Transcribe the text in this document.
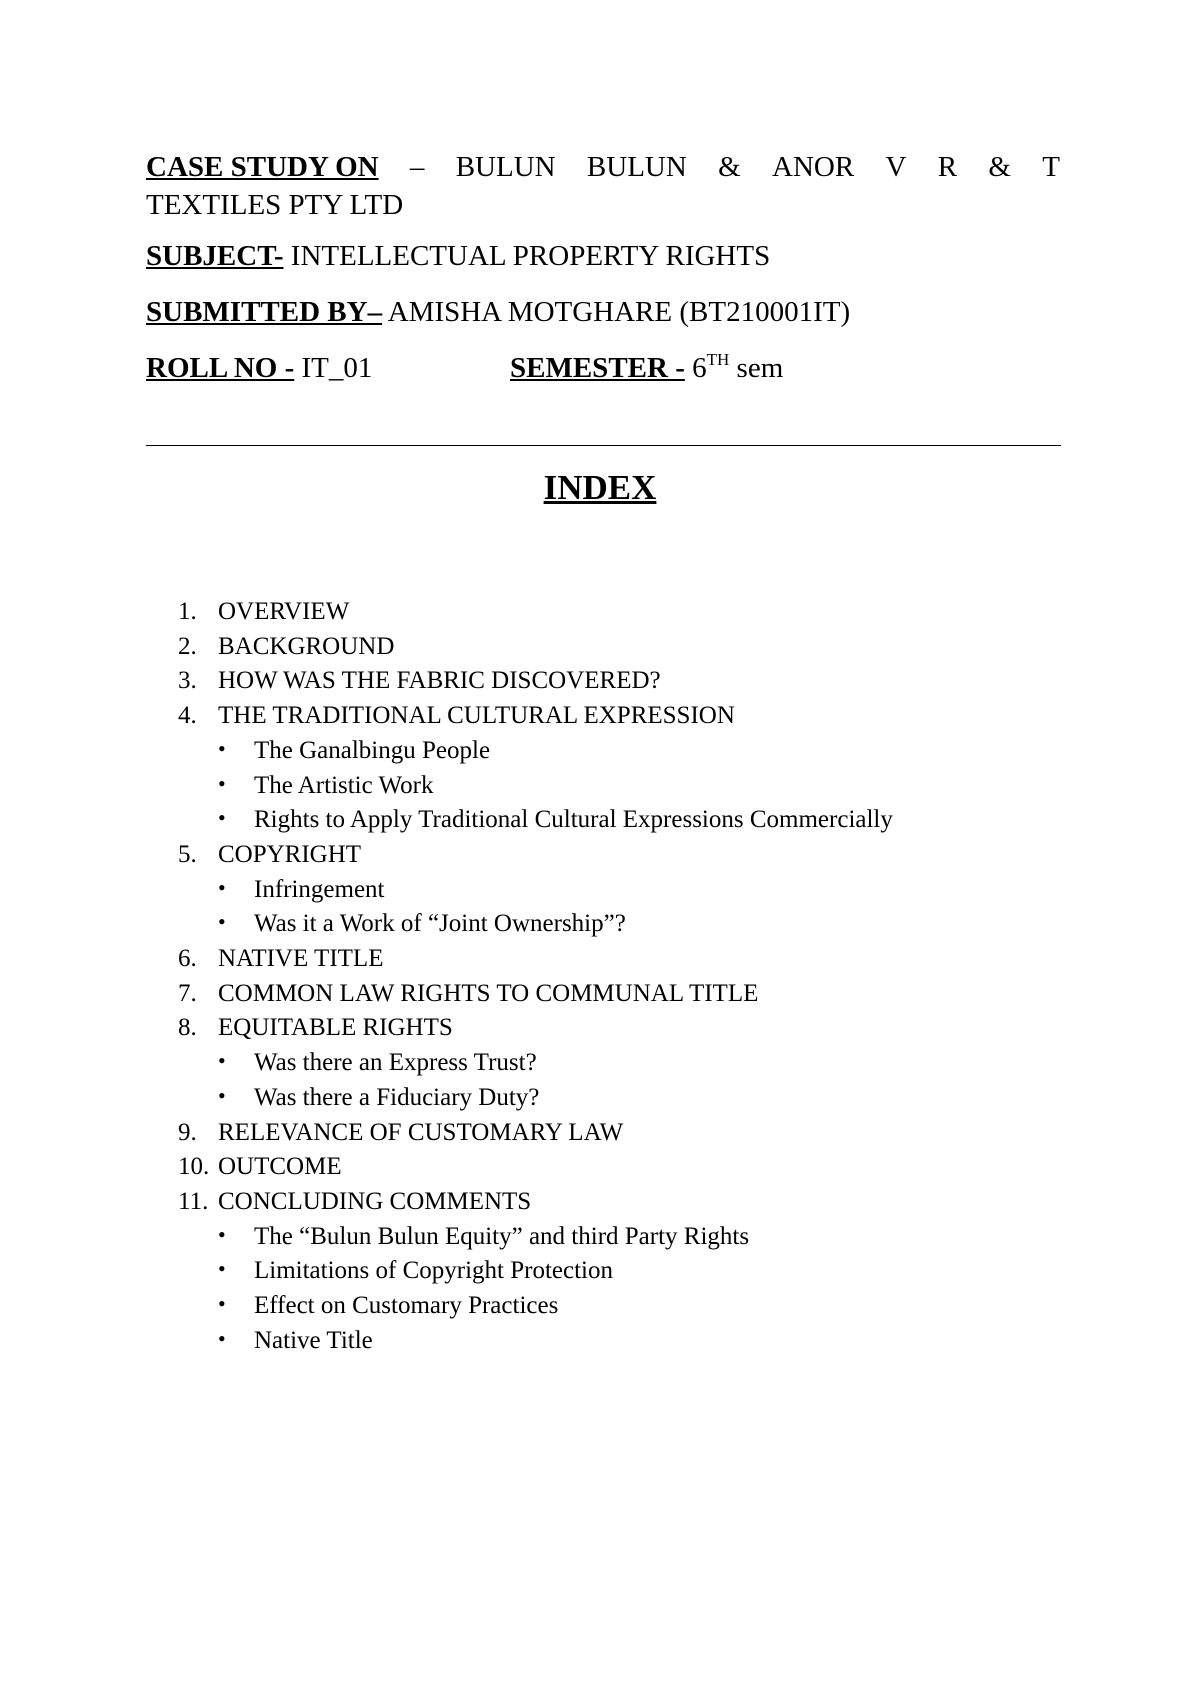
CASE STUDY ON – BULUN BULUN & ANOR V R & T
TEXTILES PTY LTD
SUBJECT- INTELLECTUAL PROPERTY RIGHTS
SUBMITTED BY– AMISHA MOTGHARE (BT210001IT)
ROLL NO - IT_01	SEMESTER - 6TH sem
INDEX
1. OVERVIEW
2. BACKGROUND
3. HOW WAS THE FABRIC DISCOVERED?
4. THE TRADITIONAL CULTURAL EXPRESSION
• The Ganalbingu People
• The Artistic Work
• Rights to Apply Traditional Cultural Expressions Commercially
5. COPYRIGHT
• Infringement
• Was it a Work of “Joint Ownership”?
6. NATIVE TITLE
7. COMMON LAW RIGHTS TO COMMUNAL TITLE
8. EQUITABLE RIGHTS
• Was there an Express Trust?
• Was there a Fiduciary Duty?
9. RELEVANCE OF CUSTOMARY LAW
10. OUTCOME
11. CONCLUDING COMMENTS
• The “Bulun Bulun Equity” and third Party Rights
• Limitations of Copyright Protection
• Effect on Customary Practices
• Native Title
